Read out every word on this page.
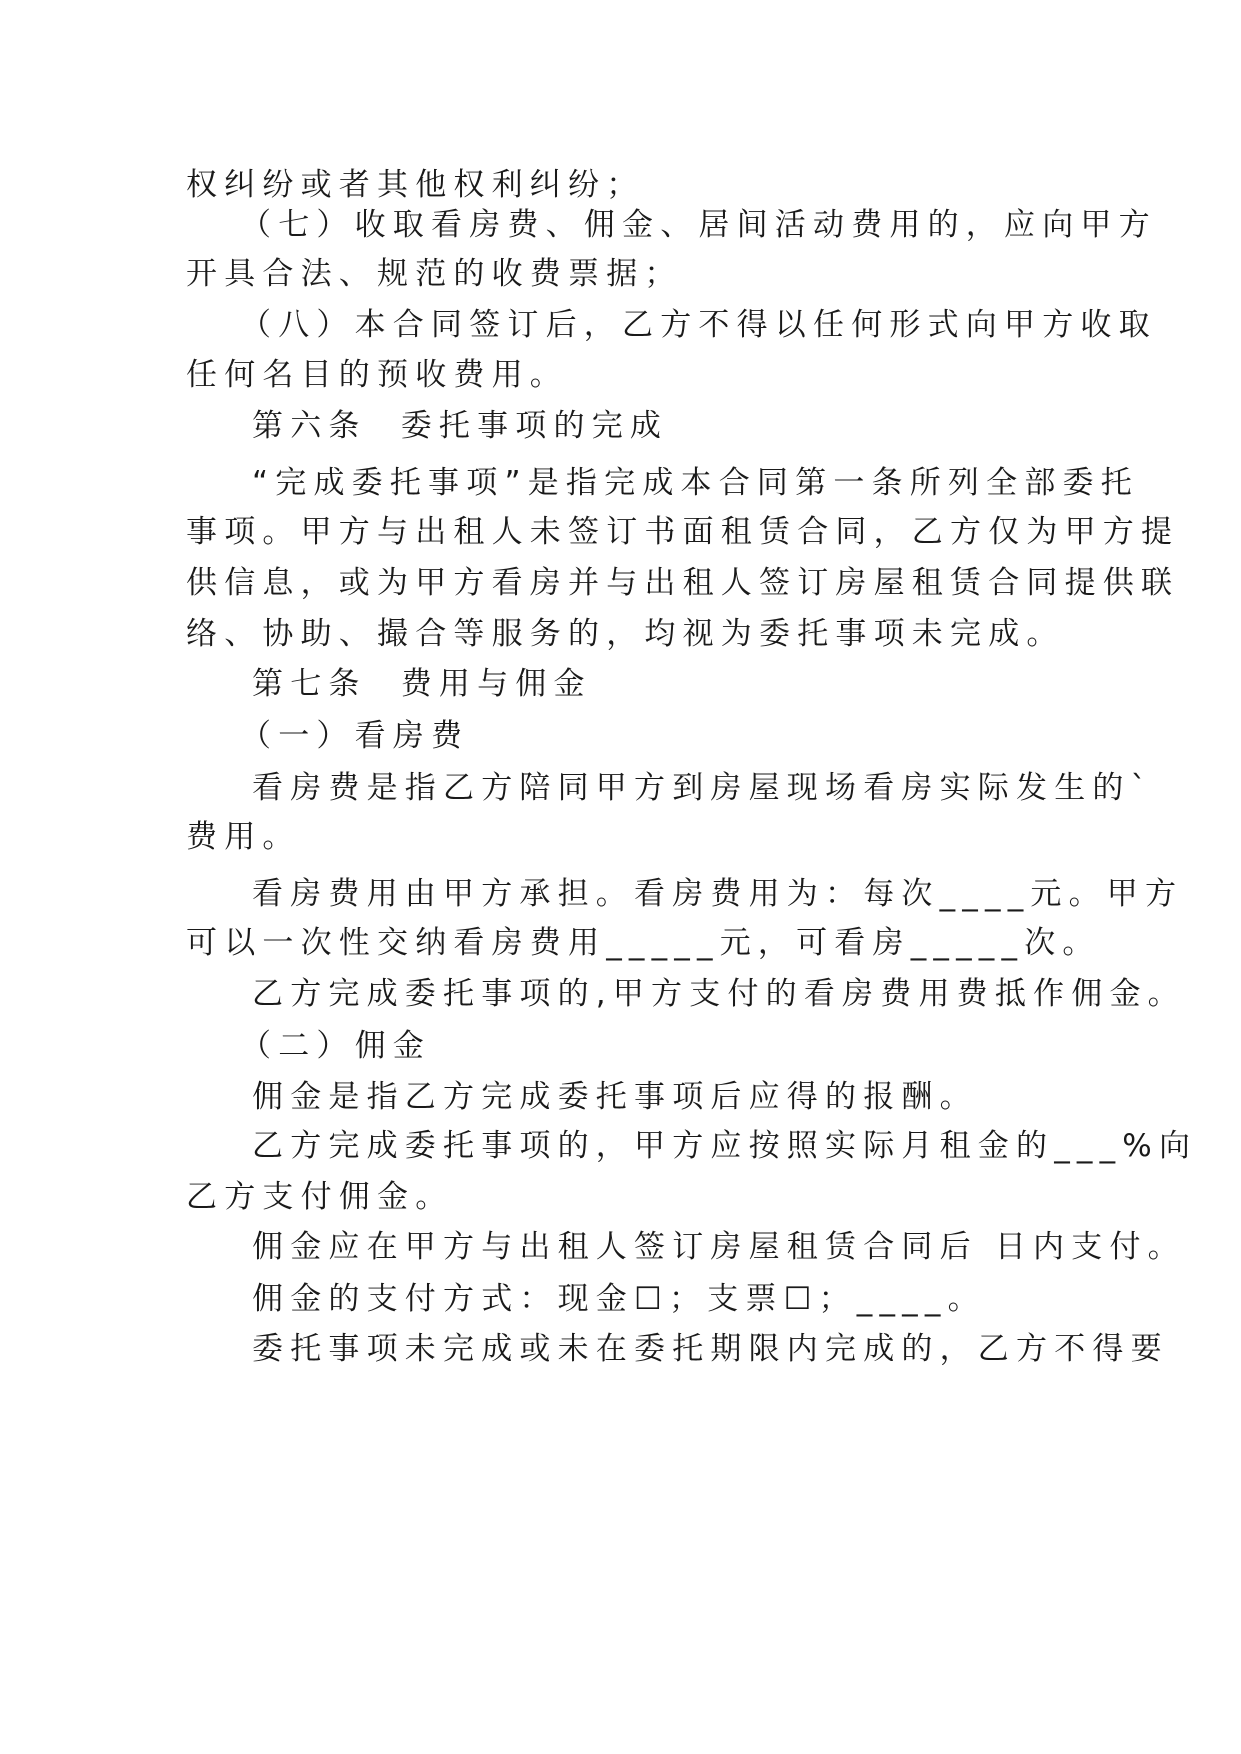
权纠纷或者其他权利纠纷；
（七）收取看房费、佣金、居间活动费用的，应向甲方
开具合法、规范的收费票据；
（八）本合同签订后，乙方不得以任何形式向甲方收取
任何名目的预收费用。
第六条  委托事项的完成
“完成委托事项”是指完成本合同第一条所列全部委托
事项。甲方与出租人未签订书面租赁合同，乙方仅为甲方提
供信息，或为甲方看房并与出租人签订房屋租赁合同提供联
络、协助、撮合等服务的，均视为委托事项未完成。
第七条  费用与佣金
（一）看房费
看房费是指乙方陪同甲方到房屋现场看房实际发生的`
费用。
看房费用由甲方承担。看房费用为：每次____元。甲方
可以一次性交纳看房费用_____元，可看房_____次。
乙方完成委托事项的,甲方支付的看房费用费抵作佣金。
（二）佣金
佣金是指乙方完成委托事项后应得的报酬。
乙方完成委托事项的，甲方应按照实际月租金的___%向
乙方支付佣金。
佣金应在甲方与出租人签订房屋租赁合同后 日内支付。
佣金的支付方式：现金☐；支票☐；____。
委托事项未完成或未在委托期限内完成的，乙方不得要
